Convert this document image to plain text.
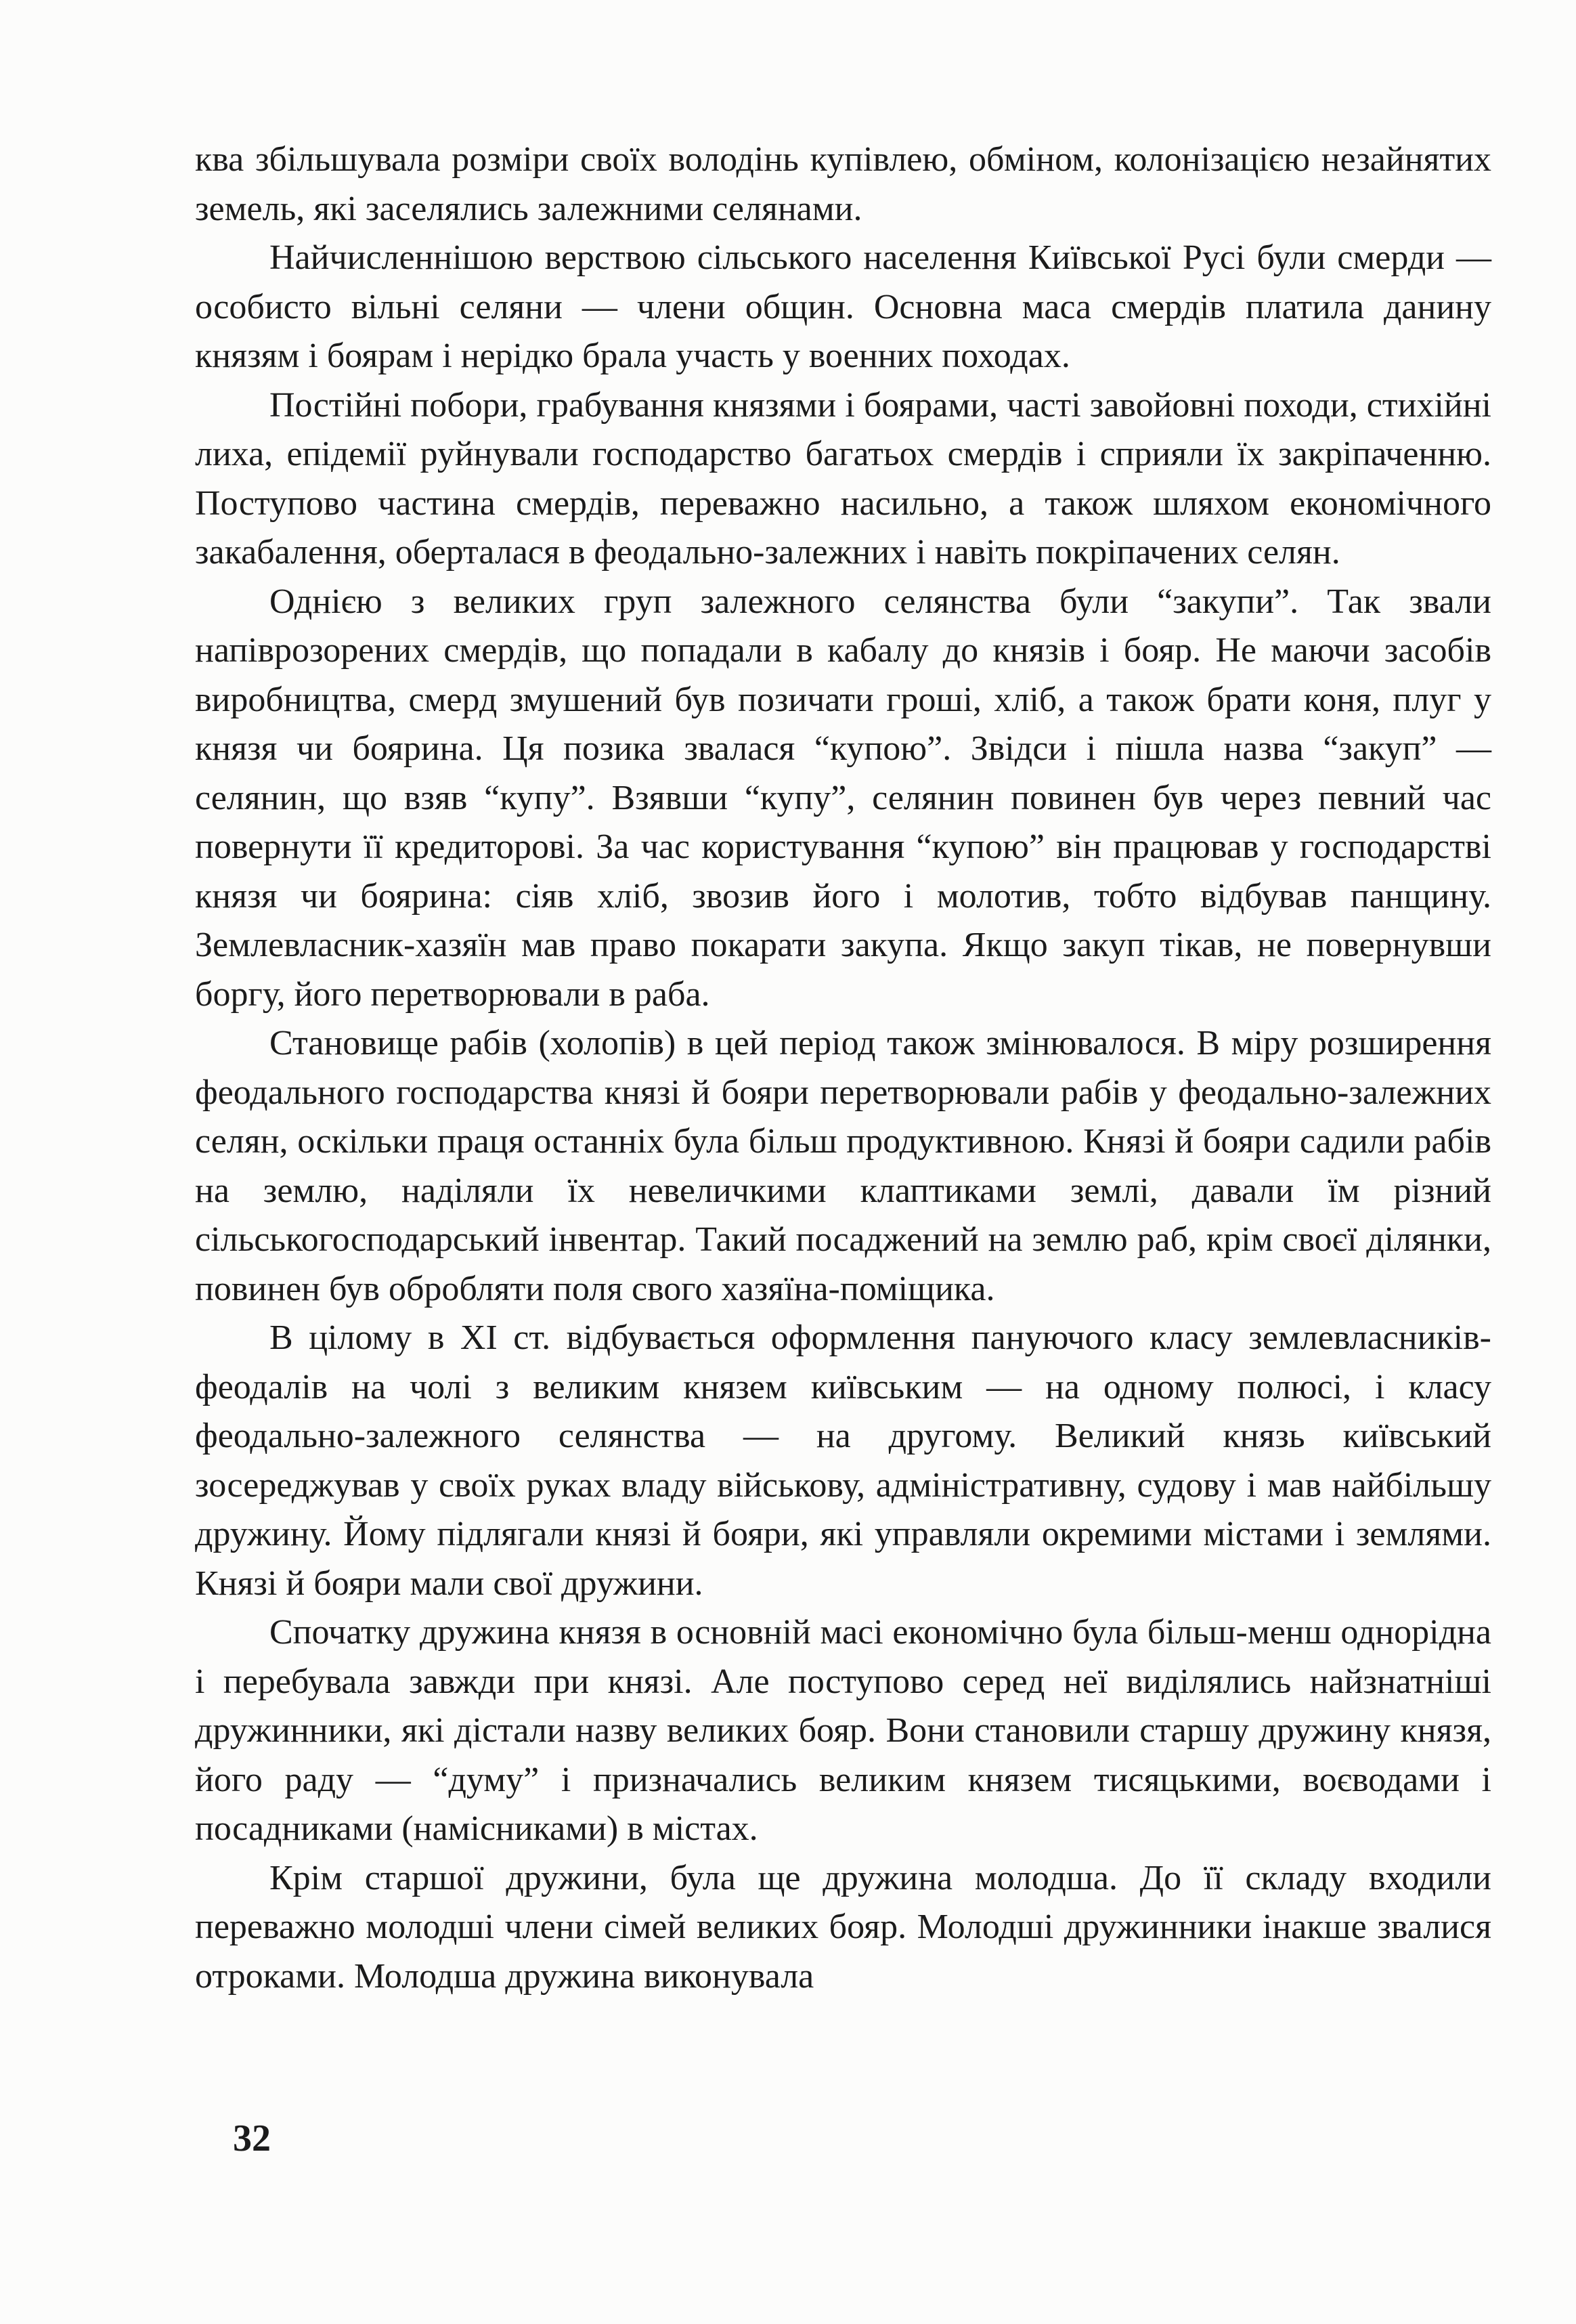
ква збільшувала розміри своїх володінь купівлею, обміном, колонізацією незайнятих земель, які заселялись залежними селянами.

Найчисленнішою верствою сільського населення Київської Русі були смерди — особисто вільні селяни — члени общин. Основна маса смердів платила данину князям і боярам і нерідко брала участь у военних походах.

Постійні побори, грабування князями і боярами, часті завойовні походи, стихійні лиха, епідемії руйнували господарство багатьох смердів і сприяли їх закріпаченню. Поступово частина смердів, переважно насильно, а також шляхом економічного закабалення, оберталася в феодально-залежних і навіть покріпачених селян.

Однією з великих груп залежного селянства були “закупи”. Так звали напіврозорених смердів, що попадали в кабалу до князів і бояр. Не маючи засобів виробництва, смерд змушений був позичати гроші, хліб, а також брати коня, плуг у князя чи боярина. Ця позика звалася “купою”. Звідси і пішла назва “закуп” — селянин, що взяв “купу”. Взявши “купу”, селянин повинен був через певний час повернути її кредиторові. За час користування “купою” він працював у господарстві князя чи боярина: сіяв хліб, звозив його і молотив, тобто відбував панщину. Землевласник-хазяїн мав право покарати закупа. Якщо закуп тікав, не повернувши боргу, його перетворювали в раба.

Становище рабів (холопів) в цей період також змінювалося. В міру розширення феодального господарства князі й бояри перетворювали рабів у феодально-залежних селян, оскільки праця останніх була більш продуктивною. Князі й бояри садили рабів на землю, наділяли їх невеличкими клаптиками землі, давали їм різний сільськогосподарський інвентар. Такий посаджений на землю раб, крім своєї ділянки, повинен був обробляти поля свого хазяїна-поміщика.

В цілому в XI ст. відбувається оформлення пануючого класу землевласників-феодалів на чолі з великим князем київським — на одному полюсі, і класу феодально-залежного селянства — на другому. Великий князь київський зосереджував у своїх руках владу військову, адміністративну, судову і мав найбільшу дружину. Йому підлягали князі й бояри, які управляли окремими містами і землями. Князі й бояри мали свої дружини.

Спочатку дружина князя в основній масі економічно була більш-менш однорідна і перебувала завжди при князі. Але поступово серед неї виділялись найзнатніші дружинники, які дістали назву великих бояр. Вони становили старшу дружину князя, його раду — “думу” і призначались великим князем тисяцькими, воєводами і посадниками (намісниками) в містах.

Крім старшої дружини, була ще дружина молодша. До її складу входили переважно молодші члени сімей великих бояр. Молодші дружинники інакше звалися отроками. Молодша дружина виконувала

32
